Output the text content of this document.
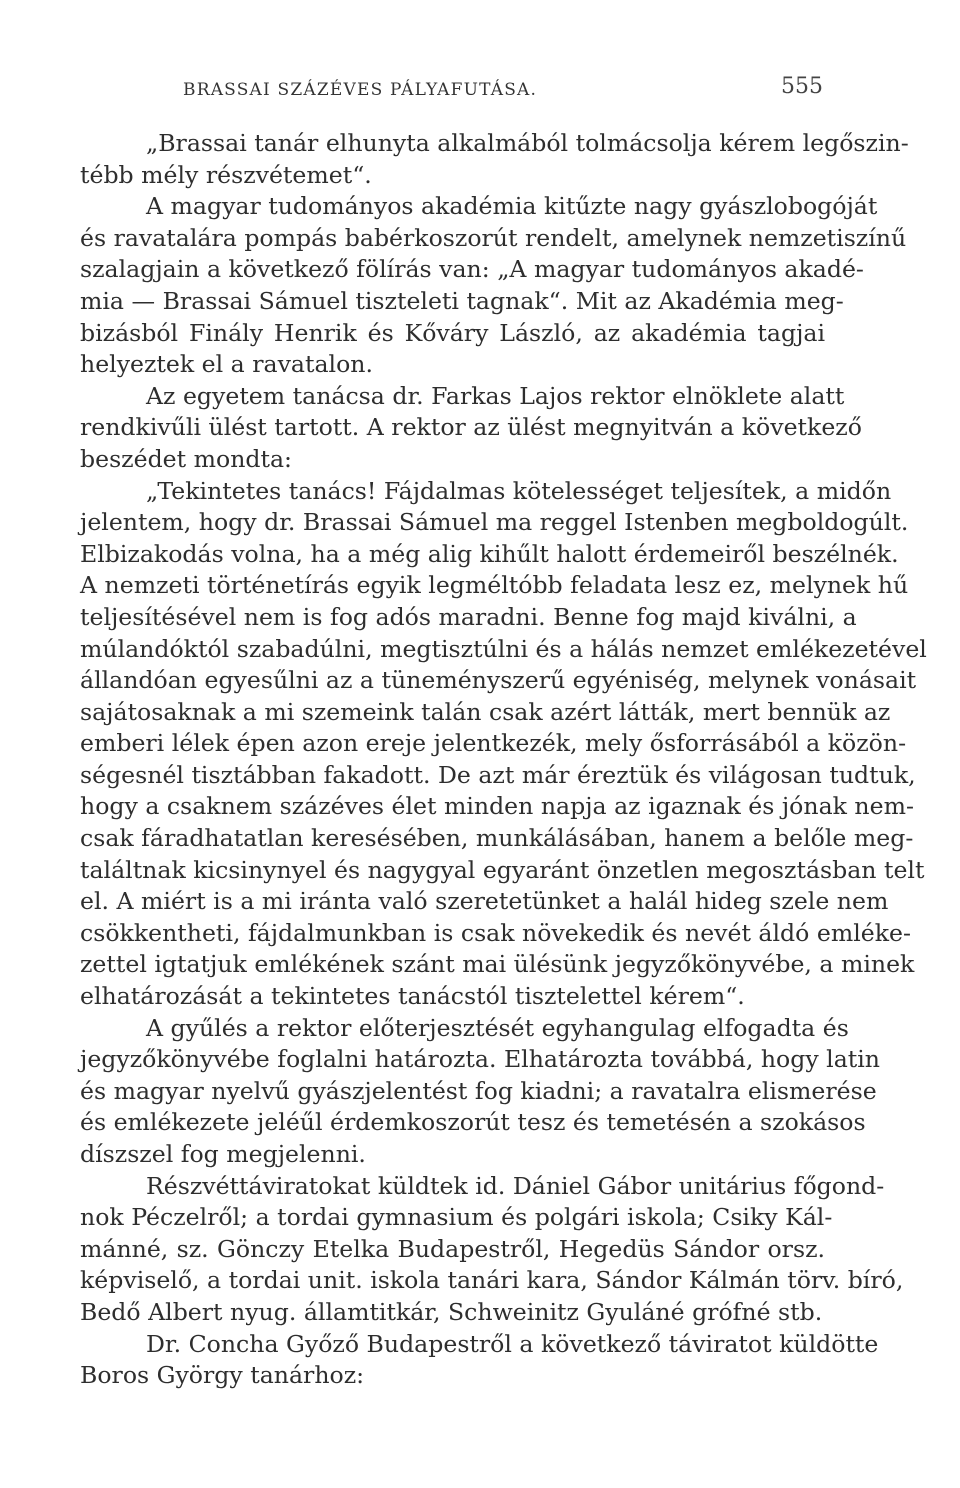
BRASSAI SZÁZÉVES PÁLYAFUTÁSA.	555
„Brassai tanár elhunyta alkalmából tolmácsolja kérem legőszin-
tébb mély részvétemet“.
A magyar tudományos akadémia kitűzte nagy gyászlobogóját
és ravatalára pompás babérkoszorút rendelt, amelynek nemzetiszínű
szalagjain a következő fölírás van: „A magyar tudományos akadé-
mia — Brassai Sámuel tiszteleti tagnak“. Mit az Akadémia meg-
bizásból Finály Henrik és Kőváry László, az akadémia tagjai
helyeztek el a ravatalon.
Az egyetem tanácsa dr. Farkas Lajos rektor elnöklete alatt
rendkivűli ülést tartott. A rektor az ülést megnyitván a következő
beszédet mondta:
„Tekintetes tanács! Fájdalmas kötelességet teljesítek, a midőn
jelentem, hogy dr. Brassai Sámuel ma reggel Istenben megboldogúlt.
Elbizakodás volna, ha a még alig kihűlt halott érdemeiről beszélnék.
A nemzeti történetírás egyik legméltóbb feladata lesz ez, melynek hű
teljesítésével nem is fog adós maradni. Benne fog majd kiválni, a
múlandóktól szabadúlni, megtisztúlni és a hálás nemzet emlékezetével
állandóan egyesűlni az a tüneményszerű egyéniség, melynek vonásait
sajátosaknak a mi szemeink talán csak azért látták, mert bennük az
emberi lélek épen azon ereje jelentkezék, mely ősforrásából a közön-
ségesnél tisztábban fakadott. De azt már éreztük és világosan tudtuk,
hogy a csaknem százéves élet minden napja az igaznak és jónak nem-
csak fáradhatatlan keresésében, munkálásában, hanem a belőle meg-
találtnak kicsinynyel és nagygyal egyaránt önzetlen megosztásban telt
el. A miért is a mi iránta való szeretetünket a halál hideg szele nem
csökkentheti, fájdalmunkban is csak növekedik és nevét áldó emléke-
zettel igtatjuk emlékének szánt mai ülésünk jegyzőkönyvébe, a minek
elhatározását a tekintetes tanácstól tisztelettel kérem“.
A gyűlés a rektor előterjesztését egyhangulag elfogadta és
jegyzőkönyvébe foglalni határozta. Elhatározta továbbá, hogy latin
és magyar nyelvű gyászjelentést fog kiadni; a ravatalra elismerése
és emlékezete jeléűl érdemkoszorút tesz és temetésén a szokásos
díszszel fog megjelenni.
Részvéttáviratokat küldtek id. Dániel Gábor unitárius főgond-
nok Péczelről; a tordai gymnasium és polgári iskola; Csiky Kál-
mánné, sz. Gönczy Etelka Budapestről, Hegedüs Sándor orsz.
képviselő, a tordai unit. iskola tanári kara, Sándor Kálmán törv. bíró,
Bedő Albert nyug. államtitkár, Schweinitz Gyuláné grófné stb.
Dr. Concha Győző Budapestről a következő táviratot küldötte
Boros György tanárhoz:
